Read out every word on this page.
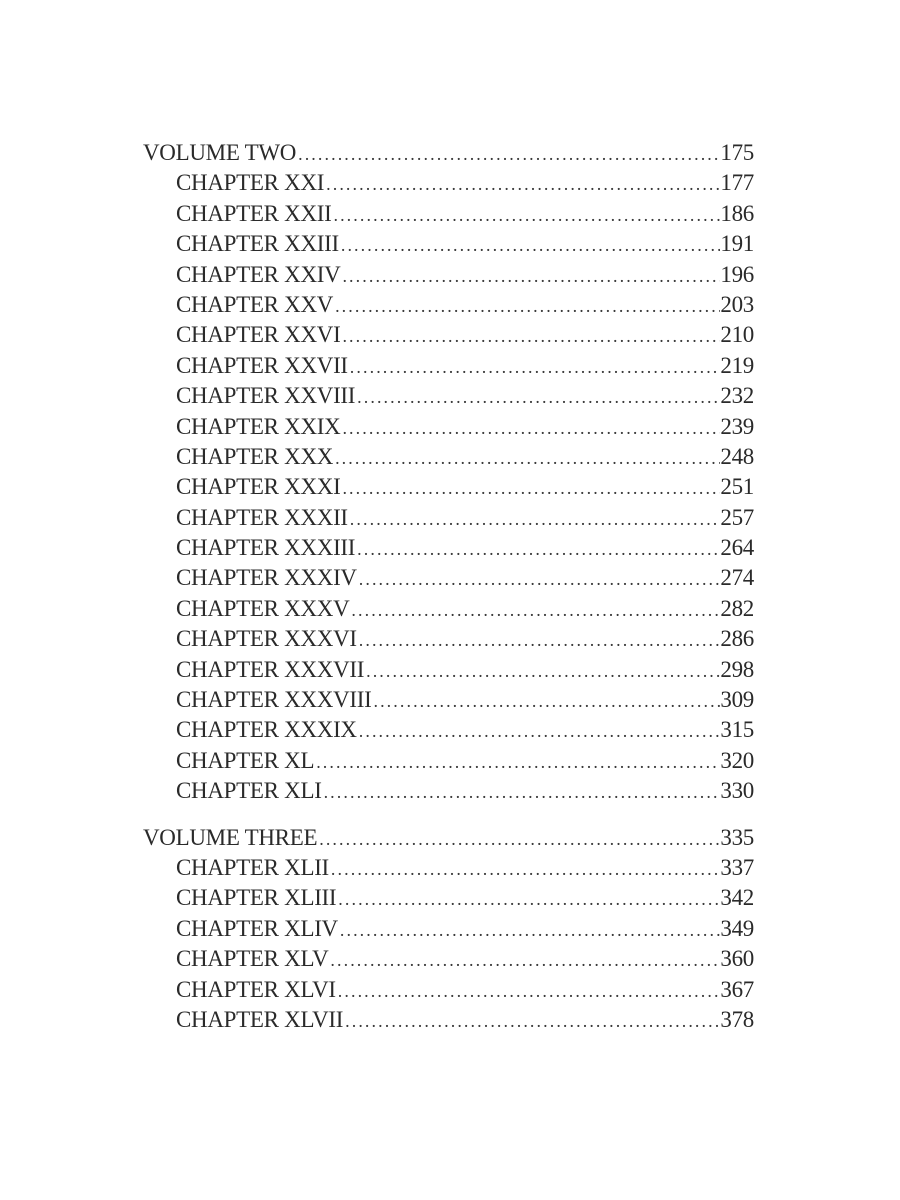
VOLUME TWO . . .	175
CHAPTER XXI . . .	177
CHAPTER XXII . . .	186
CHAPTER XXIII . . .	191
CHAPTER XXIV . . .	196
CHAPTER XXV . . .	203
CHAPTER XXVI . . .	210
CHAPTER XXVII . . .	219
CHAPTER XXVIII . . .	232
CHAPTER XXIX . . .	239
CHAPTER XXX . . .	248
CHAPTER XXXI . . .	251
CHAPTER XXXII . . .	257
CHAPTER XXXIII . . .	264
CHAPTER XXXIV . . .	274
CHAPTER XXXV . . .	282
CHAPTER XXXVI . . .	286
CHAPTER XXXVII . . .	298
CHAPTER XXXVIII . . .	309
CHAPTER XXXIX . . .	315
CHAPTER XL . . .	320
CHAPTER XLI . . .	330
VOLUME THREE . . .	335
CHAPTER XLII . . .	337
CHAPTER XLIII . . .	342
CHAPTER XLIV . . .	349
CHAPTER XLV . . .	360
CHAPTER XLVI . . .	367
CHAPTER XLVII . . .	378
